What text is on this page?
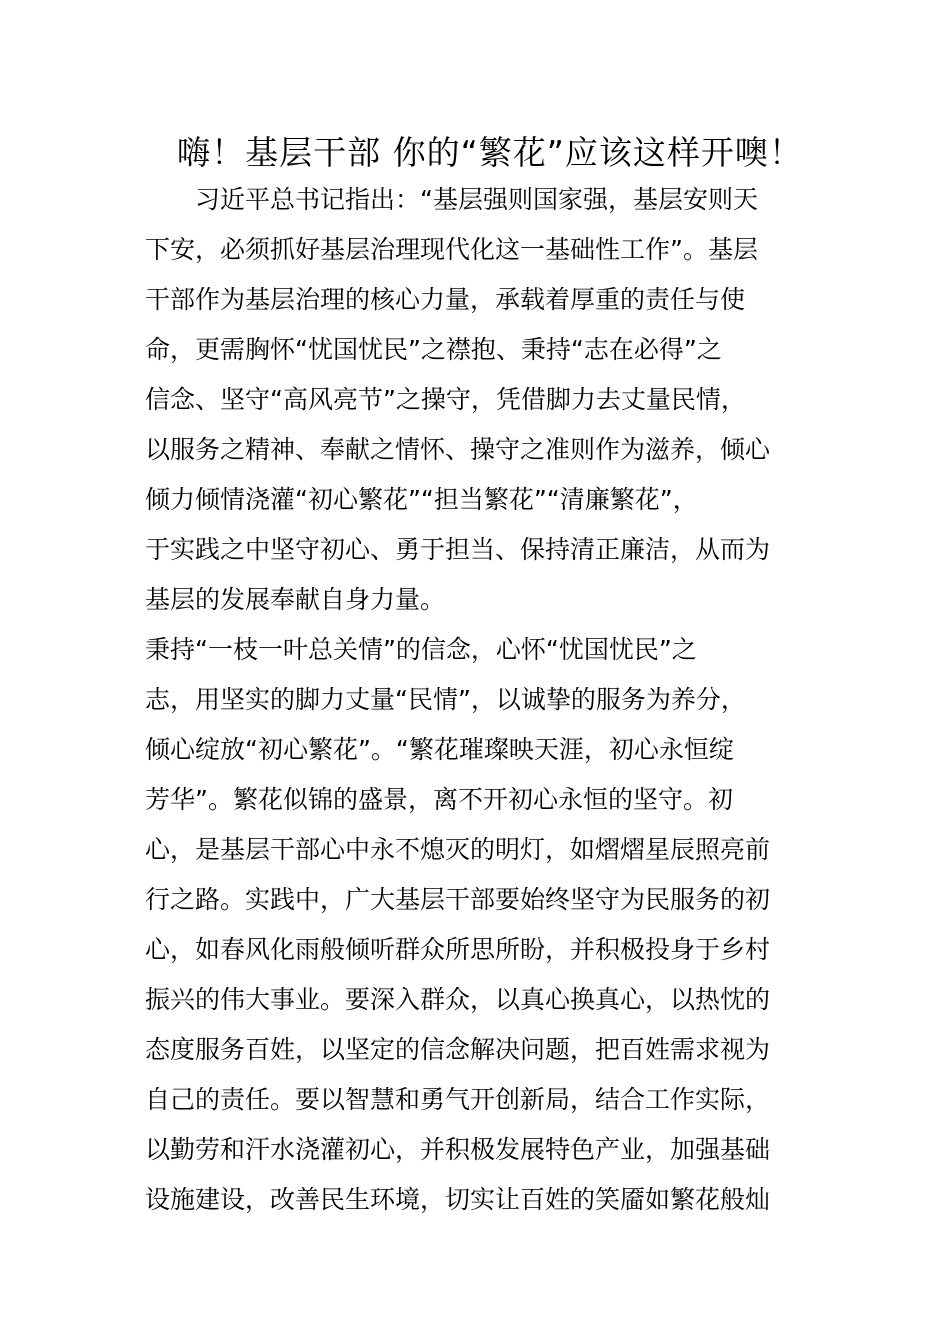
嗨！基层干部 你的“繁花”应该这样开噢！
　　习近平总书记指出：“基层强则国家强，基层安则天
下安，必须抓好基层治理现代化这一基础性工作”。基层
干部作为基层治理的核心力量，承载着厚重的责任与使
命，更需胸怀“忧国忧民”之襟抱、秉持“志在必得”之
信念、坚守“高风亮节”之操守，凭借脚力去丈量民情，
以服务之精神、奉献之情怀、操守之准则作为滋养，倾心
倾力倾情浇灌“初心繁花”“担当繁花”“清廉繁花”，
于实践之中坚守初心、勇于担当、保持清正廉洁，从而为
基层的发展奉献自身力量。
秉持“一枝一叶总关情”的信念，心怀“忧国忧民”之
志，用坚实的脚力丈量“民情”，以诚挚的服务为养分，
倾心绽放“初心繁花”。“繁花璀璨映天涯，初心永恒绽
芳华”。繁花似锦的盛景，离不开初心永恒的坚守。初
心，是基层干部心中永不熄灭的明灯，如熠熠星辰照亮前
行之路。实践中，广大基层干部要始终坚守为民服务的初
心，如春风化雨般倾听群众所思所盼，并积极投身于乡村
振兴的伟大事业。要深入群众，以真心换真心，以热忱的
态度服务百姓，以坚定的信念解决问题，把百姓需求视为
自己的责任。要以智慧和勇气开创新局，结合工作实际，
以勤劳和汗水浇灌初心，并积极发展特色产业，加强基础
设施建设，改善民生环境，切实让百姓的笑靥如繁花般灿
